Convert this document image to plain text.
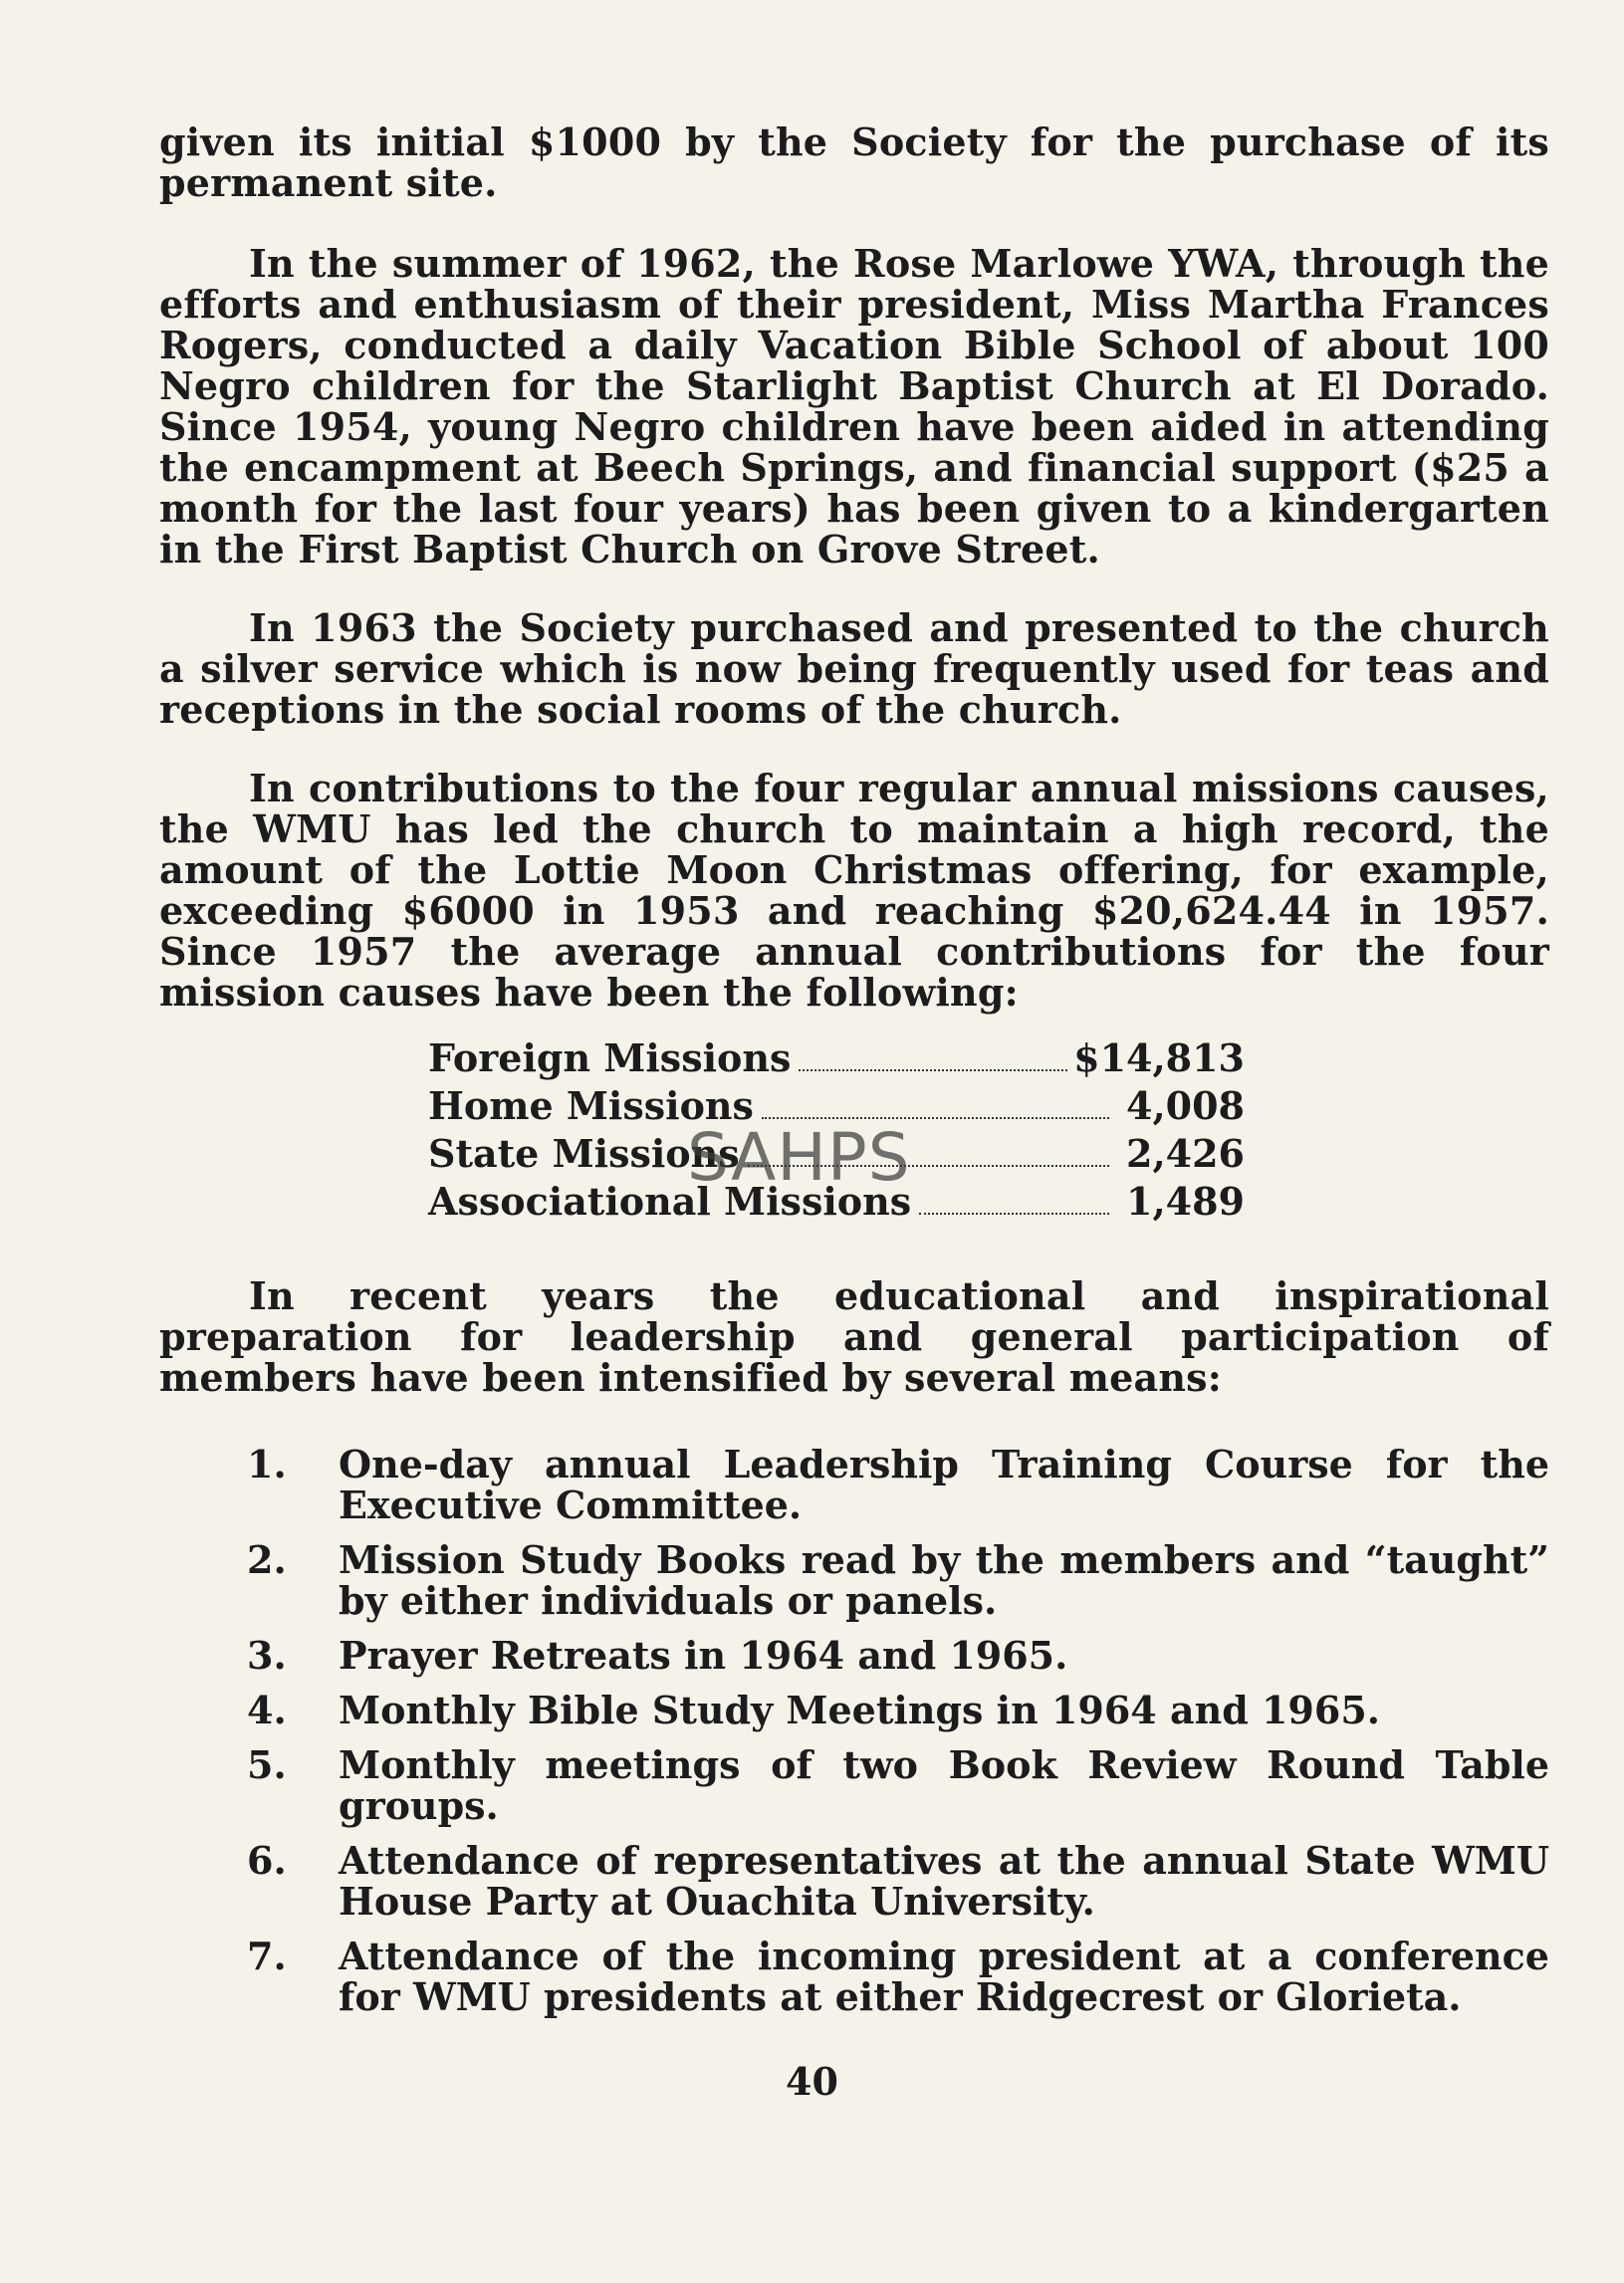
given its initial $1000 by the Society for the purchase of its permanent site.

In the summer of 1962, the Rose Marlowe YWA, through the efforts and enthusiasm of their president, Miss Martha Frances Rogers, conducted a daily Vacation Bible School of about 100 Negro children for the Starlight Baptist Church at El Dorado. Since 1954, young Negro children have been aided in attending the encampment at Beech Springs, and financial support ($25 a month for the last four years) has been given to a kindergarten in the First Baptist Church on Grove Street.

In 1963 the Society purchased and presented to the church a silver service which is now being frequently used for teas and receptions in the social rooms of the church.

In contributions to the four regular annual missions causes, the WMU has led the church to maintain a high record, the amount of the Lottie Moon Christmas offering, for example, exceeding $6000 in 1953 and reaching $20,624.44 in 1957. Since 1957 the average annual contributions for the four mission causes have been the following:

Foreign Missions	$14,813
Home Missions	4,008
State Missions	2,426
Associational Missions	1,489

In recent years the educational and inspirational preparation for leadership and general participation of members have been intensified by several means:

1.	One-day annual Leadership Training Course for the Executive Committee.
2.	Mission Study Books read by the members and “taught” by either individuals or panels.
3.	Prayer Retreats in 1964 and 1965.
4.	Monthly Bible Study Meetings in 1964 and 1965.
5.	Monthly meetings of two Book Review Round Table groups.
6.	Attendance of representatives at the annual State WMU House Party at Ouachita University.
7.	Attendance of the incoming president at a conference for WMU presidents at either Ridgecrest or Glorieta.
SAHPS
40
